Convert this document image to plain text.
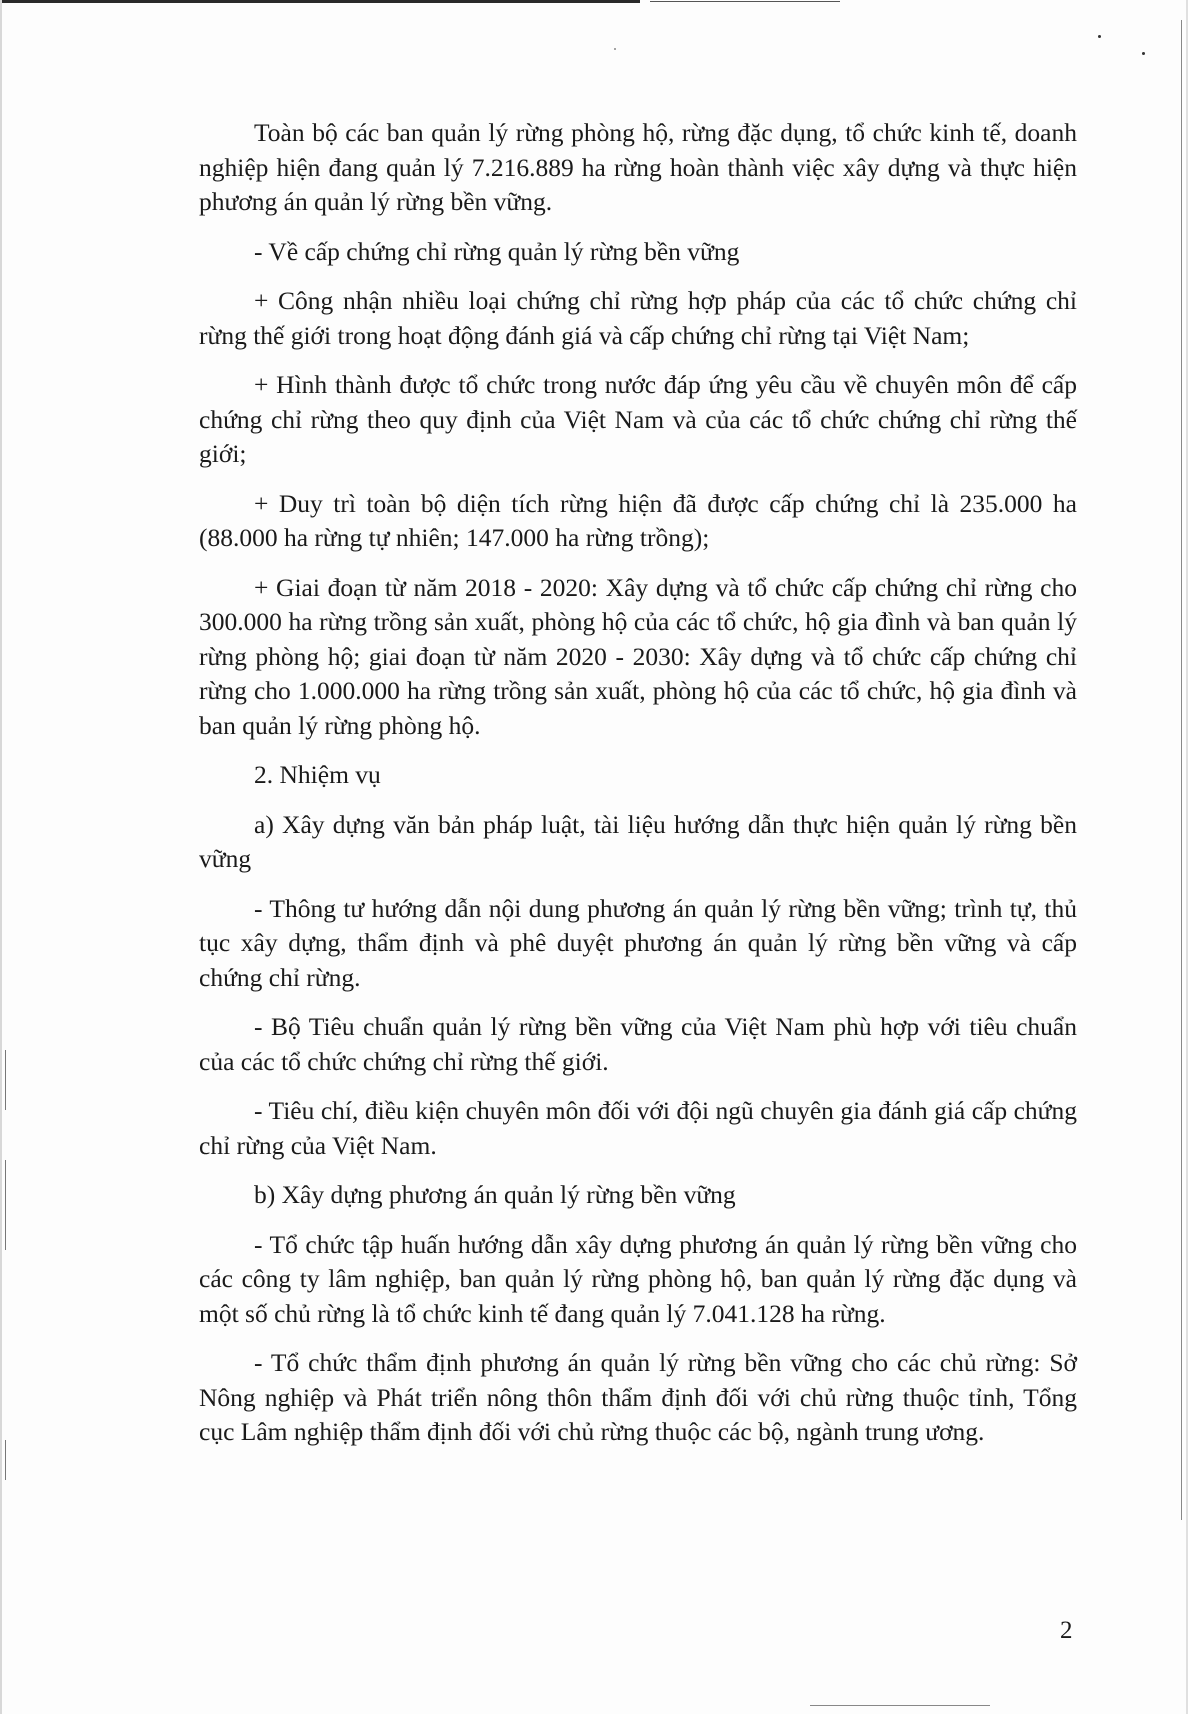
Toàn bộ các ban quản lý rừng phòng hộ, rừng đặc dụng, tổ chức kinh tế, doanh nghiệp hiện đang quản lý 7.216.889 ha rừng hoàn thành việc xây dựng và thực hiện phương án quản lý rừng bền vững.

- Về cấp chứng chỉ rừng quản lý rừng bền vững

+ Công nhận nhiều loại chứng chỉ rừng hợp pháp của các tổ chức chứng chỉ rừng thế giới trong hoạt động đánh giá và cấp chứng chỉ rừng tại Việt Nam;

+ Hình thành được tổ chức trong nước đáp ứng yêu cầu về chuyên môn để cấp chứng chỉ rừng theo quy định của Việt Nam và của các tổ chức chứng chỉ rừng thế giới;

+ Duy trì toàn bộ diện tích rừng hiện đã được cấp chứng chỉ là 235.000 ha (88.000 ha rừng tự nhiên; 147.000 ha rừng trồng);

+ Giai đoạn từ năm 2018 - 2020: Xây dựng và tổ chức cấp chứng chỉ rừng cho 300.000 ha rừng trồng sản xuất, phòng hộ của các tổ chức, hộ gia đình và ban quản lý rừng phòng hộ; giai đoạn từ năm 2020 - 2030: Xây dựng và tổ chức cấp chứng chỉ rừng cho 1.000.000 ha rừng trồng sản xuất, phòng hộ của các tổ chức, hộ gia đình và ban quản lý rừng phòng hộ.

2. Nhiệm vụ

a) Xây dựng văn bản pháp luật, tài liệu hướng dẫn thực hiện quản lý rừng bền vững

- Thông tư hướng dẫn nội dung phương án quản lý rừng bền vững; trình tự, thủ tục xây dựng, thẩm định và phê duyệt phương án quản lý rừng bền vững và cấp chứng chỉ rừng.

- Bộ Tiêu chuẩn quản lý rừng bền vững của Việt Nam phù hợp với tiêu chuẩn của các tổ chức chứng chỉ rừng thế giới.

- Tiêu chí, điều kiện chuyên môn đối với đội ngũ chuyên gia đánh giá cấp chứng chỉ rừng của Việt Nam.

b) Xây dựng phương án quản lý rừng bền vững

- Tổ chức tập huấn hướng dẫn xây dựng phương án quản lý rừng bền vững cho các công ty lâm nghiệp, ban quản lý rừng phòng hộ, ban quản lý rừng đặc dụng và một số chủ rừng là tổ chức kinh tế đang quản lý 7.041.128 ha rừng.

- Tổ chức thẩm định phương án quản lý rừng bền vững cho các chủ rừng: Sở Nông nghiệp và Phát triển nông thôn thẩm định đối với chủ rừng thuộc tỉnh, Tổng cục Lâm nghiệp thẩm định đối với chủ rừng thuộc các bộ, ngành trung ương.

2
